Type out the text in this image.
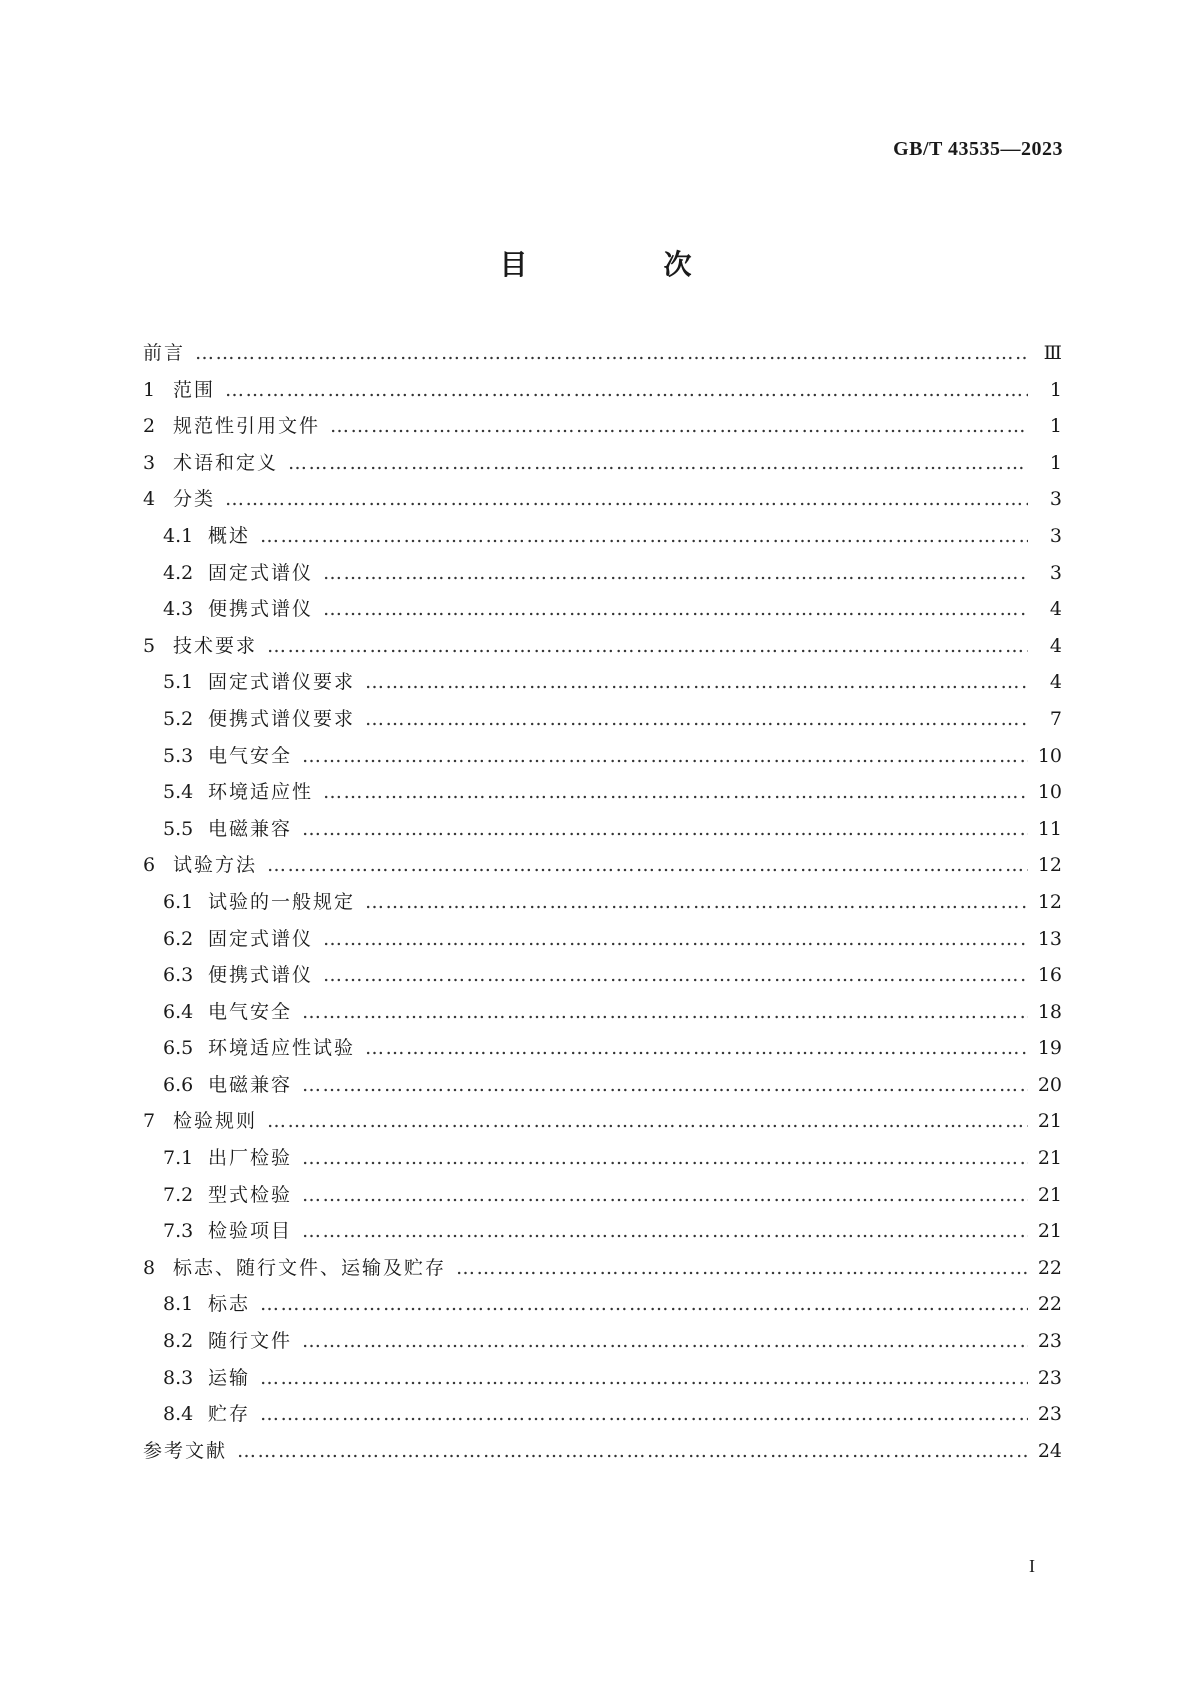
GB/T 43535—2023
目　次
前言 ……………………………………………………………………………………………………………………………………………………………………………………………………………………	Ⅲ
1 范围 ……………………………………………………………………………………………………………………………………………………………………………………………………………………	1
2 规范性引用文件 ……………………………………………………………………………………………………………………………………………………………………………………………………………………	1
3 术语和定义 ……………………………………………………………………………………………………………………………………………………………………………………………………………………	1
4 分类 ……………………………………………………………………………………………………………………………………………………………………………………………………………………	3
4.1 概述 ……………………………………………………………………………………………………………………………………………………………………………………………………………………	3
4.2 固定式谱仪 ……………………………………………………………………………………………………………………………………………………………………………………………………………………	3
4.3 便携式谱仪 ……………………………………………………………………………………………………………………………………………………………………………………………………………………	4
5 技术要求 ……………………………………………………………………………………………………………………………………………………………………………………………………………………	4
5.1 固定式谱仪要求 ……………………………………………………………………………………………………………………………………………………………………………………………………………………	4
5.2 便携式谱仪要求 ……………………………………………………………………………………………………………………………………………………………………………………………………………………	7
5.3 电气安全 ……………………………………………………………………………………………………………………………………………………………………………………………………………………	10
5.4 环境适应性 ……………………………………………………………………………………………………………………………………………………………………………………………………………………	10
5.5 电磁兼容 ……………………………………………………………………………………………………………………………………………………………………………………………………………………	11
6 试验方法 ……………………………………………………………………………………………………………………………………………………………………………………………………………………	12
6.1 试验的一般规定 ……………………………………………………………………………………………………………………………………………………………………………………………………………………	12
6.2 固定式谱仪 ……………………………………………………………………………………………………………………………………………………………………………………………………………………	13
6.3 便携式谱仪 ……………………………………………………………………………………………………………………………………………………………………………………………………………………	16
6.4 电气安全 ……………………………………………………………………………………………………………………………………………………………………………………………………………………	18
6.5 环境适应性试验 ……………………………………………………………………………………………………………………………………………………………………………………………………………………	19
6.6 电磁兼容 ……………………………………………………………………………………………………………………………………………………………………………………………………………………	20
7 检验规则 ……………………………………………………………………………………………………………………………………………………………………………………………………………………	21
7.1 出厂检验 ……………………………………………………………………………………………………………………………………………………………………………………………………………………	21
7.2 型式检验 ……………………………………………………………………………………………………………………………………………………………………………………………………………………	21
7.3 检验项目 ……………………………………………………………………………………………………………………………………………………………………………………………………………………	21
8 标志、随行文件、运输及贮存 ……………………………………………………………………………………………………………………………………………………………………………………………………………………	22
8.1 标志 ……………………………………………………………………………………………………………………………………………………………………………………………………………………	22
8.2 随行文件 ……………………………………………………………………………………………………………………………………………………………………………………………………………………	23
8.3 运输 ……………………………………………………………………………………………………………………………………………………………………………………………………………………	23
8.4 贮存 ……………………………………………………………………………………………………………………………………………………………………………………………………………………	23
参考文献 ……………………………………………………………………………………………………………………………………………………………………………………………………………………	24
I
